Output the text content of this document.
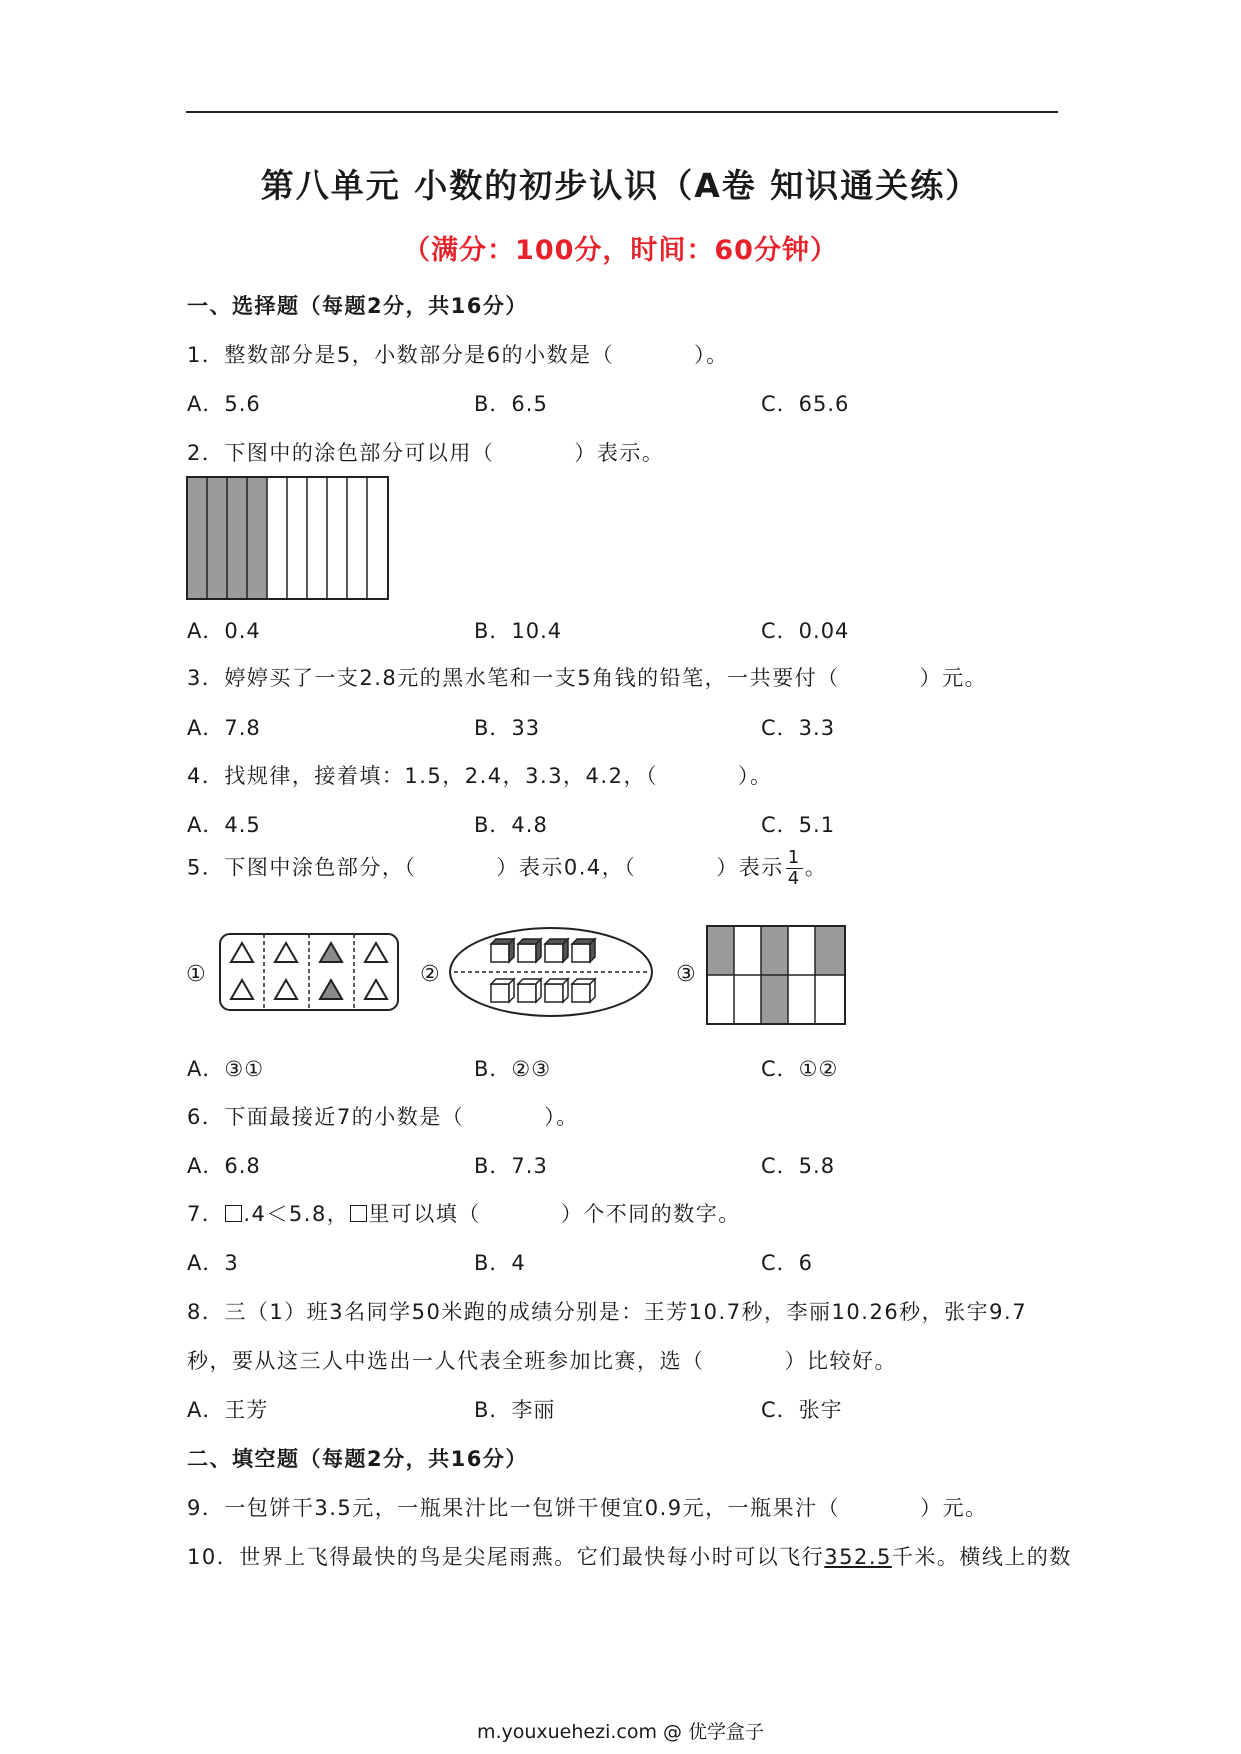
第八单元 小数的初步认识（A卷 知识通关练）
（满分：100分，时间：60分钟）
一、选择题（每题2分，共16分）
1．整数部分是5，小数部分是6的小数是（	）。
A．5.6	B．6.5	C．65.6
2．下图中的涂色部分可以用（	）表示。
A．0.4	B．10.4	C．0.04
3．婷婷买了一支2.8元的黑水笔和一支5角钱的铅笔，一共要付（	）元。
A．7.8	B．33	C．3.3
4．找规律，接着填：1.5，2.4，3.3，4.2，（	）。
A．4.5	B．4.8	C．5.1
5．下图中涂色部分，（	）表示0.4，（	）表示 $\frac{1}{4}$ 。
①	②	③
A．③①	B．②③	C．①②
6．下面最接近7的小数是（	）。
A．6.8	B．7.3	C．5.8
7． .4＜5.8， 里可以填（	）个不同的数字。
A．3	B．4	C．6
8．三（1）班3名同学50米跑的成绩分别是：王芳10.7秒，李丽10.26秒，张宇9.7
秒，要从这三人中选出一人代表全班参加比赛，选（	）比较好。
A．王芳	B．李丽	C．张宇
二、填空题（每题2分，共16分）
9．一包饼干3.5元，一瓶果汁比一包饼干便宜0.9元，一瓶果汁（	）元。
10．世界上飞得最快的鸟是尖尾雨燕。它们最快每小时可以飞行352.5千米。横线上的数
m.youxuehezi.com @ 优学盒子
